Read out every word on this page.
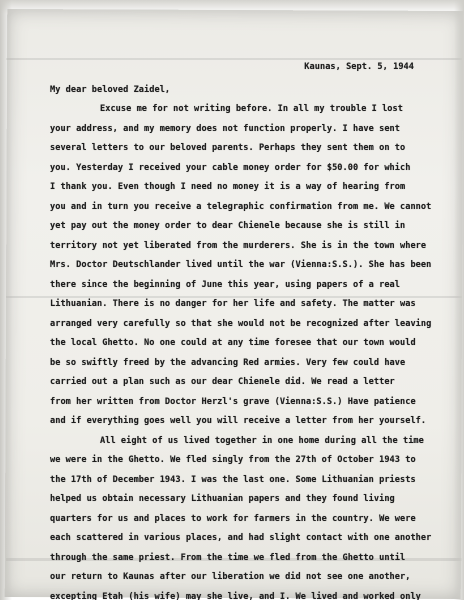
Kaunas, Sept. 5, 1944
My dear beloved Zaidel,
Excuse me for not writing before. In all my trouble I lost
your address, and my memory does not function properly. I have sent
several letters to our beloved parents. Perhaps they sent them on to
you. Yesterday I received your cable money order for $50.00 for which
I thank you. Even though I need no money it is a way of hearing from
you and in turn you receive a telegraphic confirmation from me. We cannot
yet pay out the money order to dear Chienele because she is still in
territory not yet liberated from the murderers. She is in the town where
Mrs. Doctor Deutschlander lived until the war (Vienna:S.S.). She has been
there since the beginning of June this year, using papers of a real
Lithuanian. There is no danger for her life and safety. The matter was
arranged very carefully so that she would not be recognized after leaving
the local Ghetto. No one could at any time foresee that our town would
be so swiftly freed by the advancing Red armies. Very few could have
carried out a plan such as our dear Chienele did. We read a letter
from her written from Doctor Herzl's grave (Vienna:S.S.) Have patience
and if everything goes well you will receive a letter from her yourself.
All eight of us lived together in one home during all the time
we were in the Ghetto. We fled singly from the 27th of October 1943 to
the 17th of December 1943. I was the last one. Some Lithuanian priests
helped us obtain necessary Lithuanian papers and they found living
quarters for us and places to work for farmers in the country. We were
each scattered in various places, and had slight contact with one another
through the same priest. From the time we fled from the Ghetto until
our return to Kaunas after our liberation we did not see one another,
excepting Etah (his wife) may she live, and I. We lived and worked only
